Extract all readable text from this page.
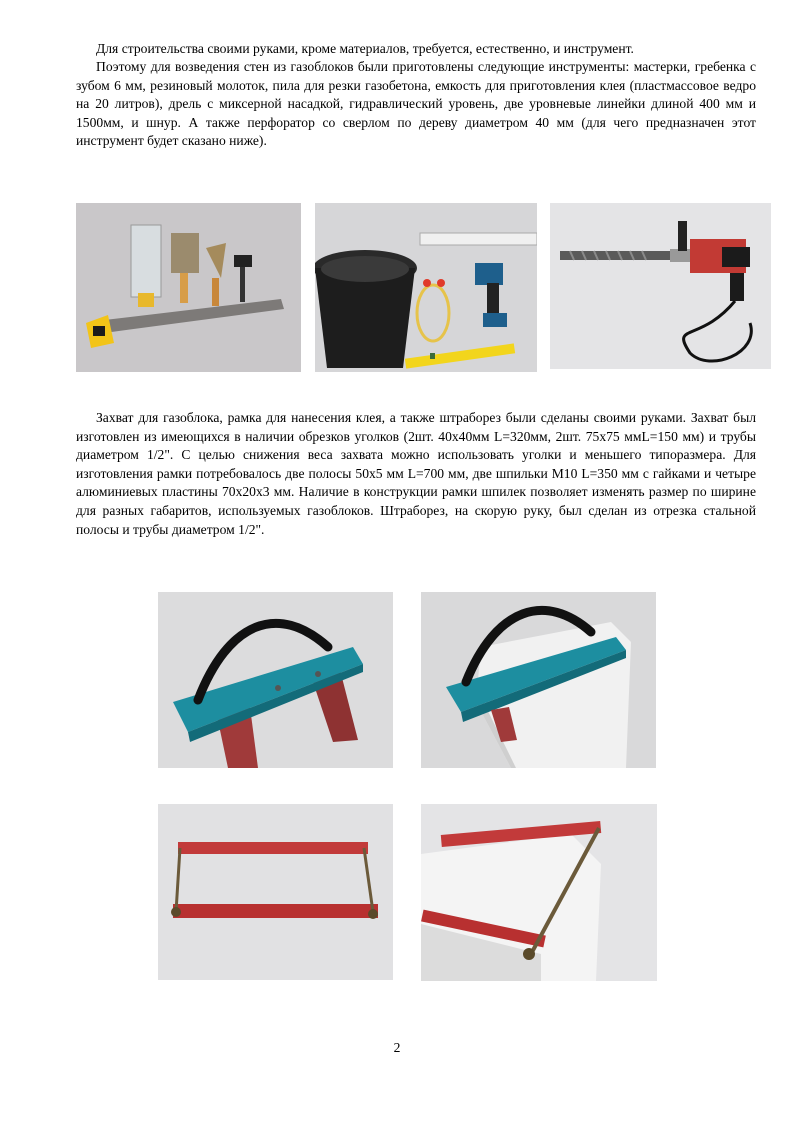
Для строительства своими руками, кроме материалов, требуется, естественно, и инструмент.

Поэтому для возведения стен из газоблоков были приготовлены следующие инструменты: мастерки, гребенка с зубом 6 мм, резиновый молоток, пила для резки газобетона, емкость для приготовления клея (пластмассовое ведро на 20 литров), дрель с миксерной насадкой, гидравлический уровень, две уровневые линейки длиной 400 мм и 1500мм, и шнур. А также перфоратор со сверлом по дереву диаметром 40 мм (для чего предназначен этот инструмент будет сказано ниже).

Захват для газоблока, рамка для нанесения клея, а также штраборез были сделаны своими руками. Захват был изготовлен из имеющихся в наличии обрезков уголков (2шт. 40х40мм L=320мм, 2шт. 75х75 ммL=150 мм) и трубы диаметром 1/2". С целью снижения веса захвата можно использовать уголки и меньшего типоразмера. Для изготовления рамки потребовалось две полосы 50х5 мм L=700 мм, две шпильки М10 L=350 мм с гайками и четыре алюминиевых пластины 70х20х3 мм. Наличие в конструкции рамки шпилек позволяет изменять размер по ширине для разных габаритов, используемых газоблоков. Штраборез, на скорую руку, был сделан из отрезка стальной полосы и трубы диаметром 1/2".

2
